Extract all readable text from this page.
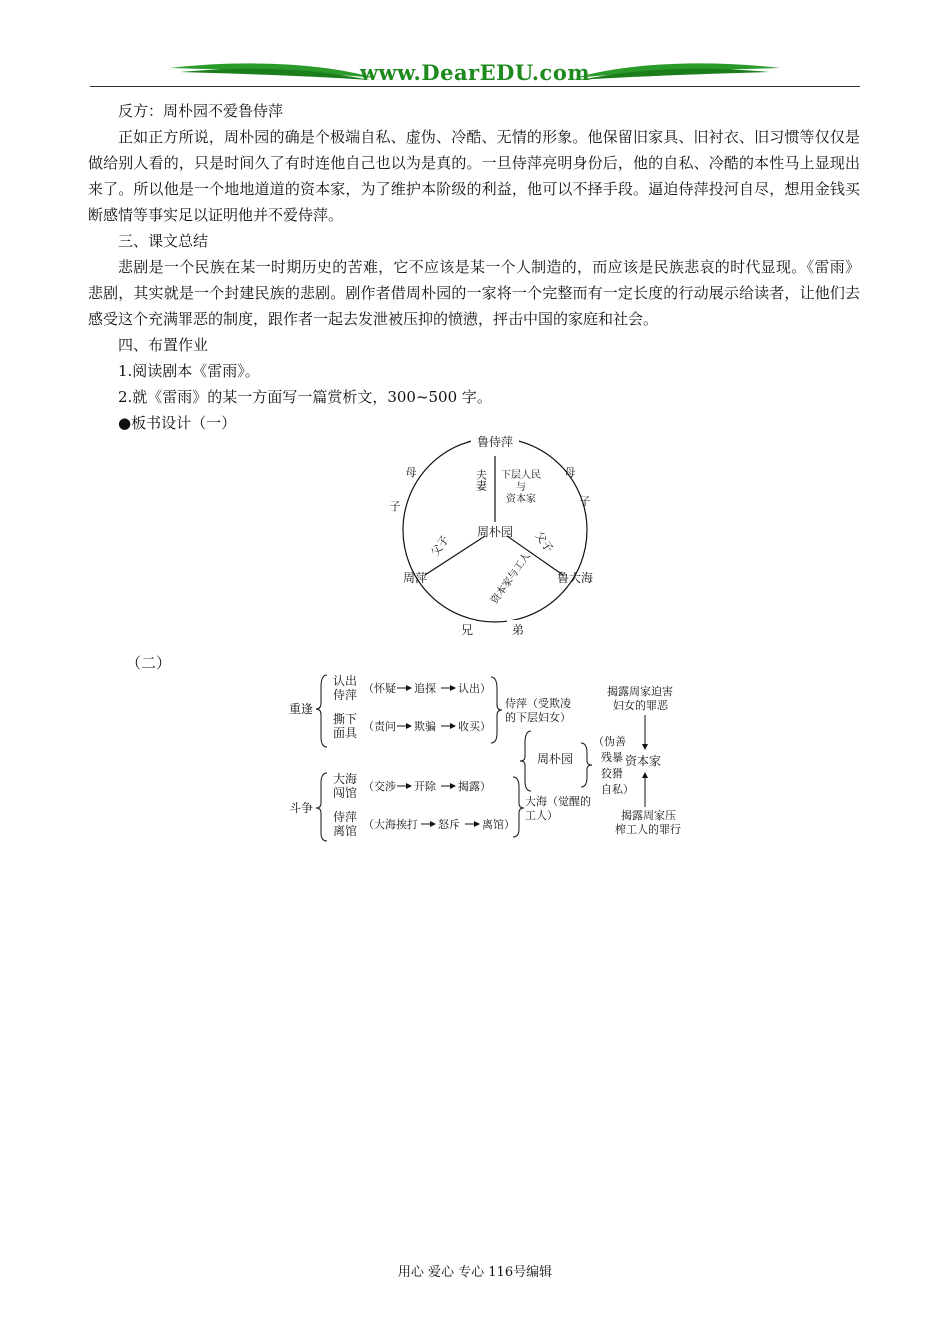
www.DearEDU.com

反方：周朴园不爱鲁侍萍

正如正方所说，周朴园的确是个极端自私、虚伪、冷酷、无情的形象。他保留旧家具、旧衬衣、旧习惯等仅仅是做给别人看的，只是时间久了有时连他自己也以为是真的。一旦侍萍亮明身份后，他的自私、冷酷的本性马上显现出来了。所以他是一个地地道道的资本家，为了维护本阶级的利益，他可以不择手段。逼迫侍萍投河自尽，想用金钱买断感情等事实足以证明他并不爱侍萍。

三、课文总结

悲剧是一个民族在某一时期历史的苦难，它不应该是某一个人制造的，而应该是民族悲哀的时代显现。《雷雨》悲剧，其实就是一个封建民族的悲剧。剧作者借周朴园的一家将一个完整而有一定长度的行动展示给读者，让他们去感受这个充满罪恶的制度，跟作者一起去发泄被压抑的愤懑，抨击中国的家庭和社会。

四、布置作业

1.阅读剧本《雷雨》。

2.就《雷雨》的某一方面写一篇赏析文，300~500 字。

●板书设计（一）

鲁侍萍
周朴园
周萍	鲁大海
母
子
母
子
夫妻 下层人民
与
资本家
父子	父子
资本家与工人
兄	弟
（二）
重逢
斗争
认出
侍萍
撕下
面具
大海
闯馆
侍萍
离馆
（怀疑 追探 认出）
（责问 欺骗 收买）
（交涉 开除 揭露）
（大海挨打 怒斥 离馆）
侍萍（受欺凌
的下层妇女）
大海（觉醒的
工人）
周朴园
（伪善
残暴
狡猾
自私）
揭露周家迫害
妇女的罪恶
资本家
揭露周家压
榨工人的罪行
用心 爱心 专心 116号编辑
